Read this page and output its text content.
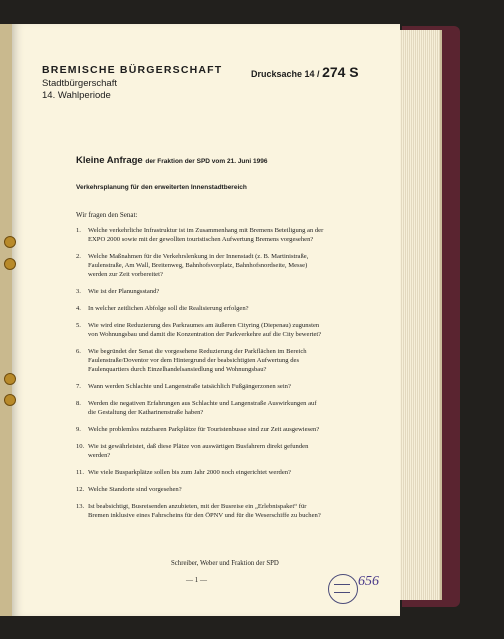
BREMISCHE BÜRGERSCHAFT
Stadtbürgerschaft
14. Wahlperiode
Drucksache 14 / 274 S
Kleine Anfrage der Fraktion der SPD vom 21. Juni 1996
Verkehrsplanung für den erweiterten Innenstadtbereich
Wir fragen den Senat:
1. Welche verkehrliche Infrastruktur ist im Zusammenhang mit Bremens Beteiligung an der EXPO 2000 sowie mit der gewollten touristischen Aufwertung Bremens vorgesehen?
2. Welche Maßnahmen für die Verkehrslenkung in der Innenstadt (z. B. Martinistraße, Faulenstraße, Am Wall, Breitenweg, Bahnhofsvorplatz, Bahnhofsnordseite, Messe) werden zur Zeit vorbereitet?
3. Wie ist der Planungsstand?
4. In welcher zeitlichen Abfolge soll die Realisierung erfolgen?
5. Wie wird eine Reduzierung des Parkraumes am äußeren Cityring (Diepenau) zugunsten von Wohnungsbau und damit die Konzentration der Parkverkehre auf die City bewertet?
6. Wie begründet der Senat die vorgesehene Reduzierung der Parkflächen im Bereich Faulenstraße/Doventor vor dem Hintergrund der beabsichtigten Aufwertung des Faulenquartiers durch Einzelhandelsansiedlung und Wohnungsbau?
7. Wann werden Schlachte und Langenstraße tatsächlich Fußgängerzonen sein?
8. Werden die negativen Erfahrungen aus Schlachte und Langenstraße Auswirkungen auf die Gestaltung der Katharinenstraße haben?
9. Welche problemlos nutzbaren Parkplätze für Touristenbusse sind zur Zeit ausgewiesen?
10. Wie ist gewährleistet, daß diese Plätze von auswärtigen Busfahrern direkt gefunden werden?
11. Wie viele Busparkplätze sollen bis zum Jahr 2000 noch eingerichtet werden?
12. Welche Standorte sind vorgesehen?
13. Ist beabsichtigt, Busreisenden anzubieten, mit der Busreise ein „Erlebnispaket“ für Bremen inklusive eines Fahrscheins für den ÖPNV und für die Weserschiffe zu buchen?
Schreiber, Weber und Fraktion der SPD
— 1 —	656
